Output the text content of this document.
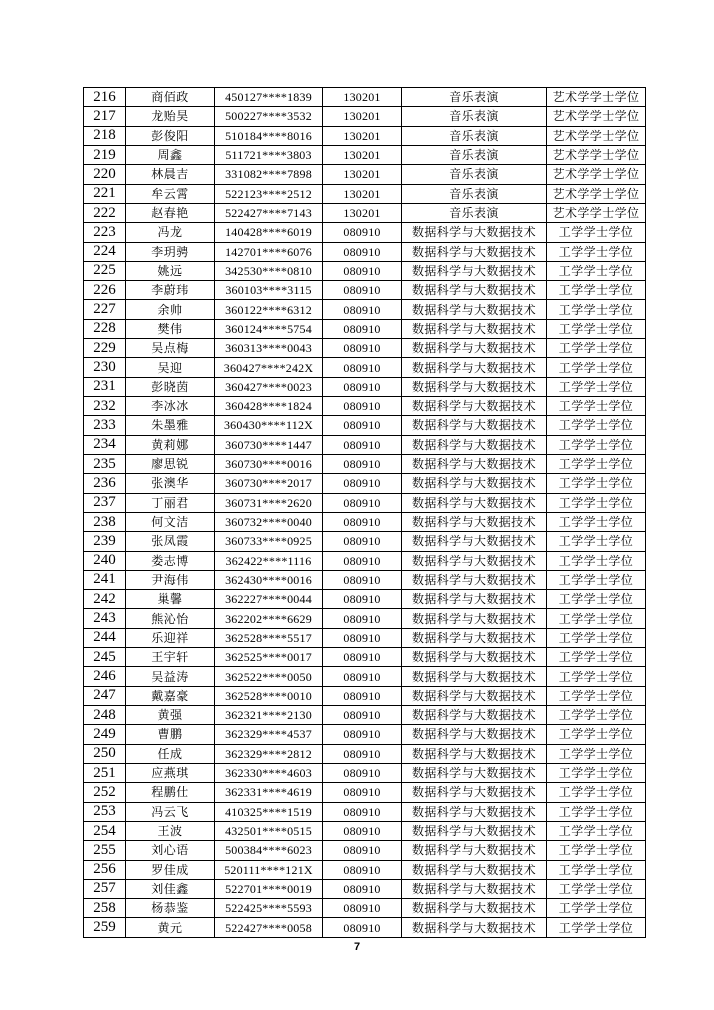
216	商佰政	450127****1839	130201	音乐表演	艺术学学士学位
217	龙贻昊	500227****3532	130201	音乐表演	艺术学学士学位
218	彭俊阳	510184****8016	130201	音乐表演	艺术学学士学位
219	周鑫	511721****3803	130201	音乐表演	艺术学学士学位
220	林晨吉	331082****7898	130201	音乐表演	艺术学学士学位
221	牟云霄	522123****2512	130201	音乐表演	艺术学学士学位
222	赵春艳	522427****7143	130201	音乐表演	艺术学学士学位
223	冯龙	140428****6019	080910	数据科学与大数据技术	工学学士学位
224	李玥骋	142701****6076	080910	数据科学与大数据技术	工学学士学位
225	姚远	342530****0810	080910	数据科学与大数据技术	工学学士学位
226	李蔚玮	360103****3115	080910	数据科学与大数据技术	工学学士学位
227	余帅	360122****6312	080910	数据科学与大数据技术	工学学士学位
228	樊伟	360124****5754	080910	数据科学与大数据技术	工学学士学位
229	吴点梅	360313****0043	080910	数据科学与大数据技术	工学学士学位
230	吴迎	360427****242X	080910	数据科学与大数据技术	工学学士学位
231	彭晓茵	360427****0023	080910	数据科学与大数据技术	工学学士学位
232	李冰冰	360428****1824	080910	数据科学与大数据技术	工学学士学位
233	朱墨雅	360430****112X	080910	数据科学与大数据技术	工学学士学位
234	黄莉娜	360730****1447	080910	数据科学与大数据技术	工学学士学位
235	廖思锐	360730****0016	080910	数据科学与大数据技术	工学学士学位
236	张澳华	360730****2017	080910	数据科学与大数据技术	工学学士学位
237	丁丽君	360731****2620	080910	数据科学与大数据技术	工学学士学位
238	何文洁	360732****0040	080910	数据科学与大数据技术	工学学士学位
239	张凤霞	360733****0925	080910	数据科学与大数据技术	工学学士学位
240	娄志博	362422****1116	080910	数据科学与大数据技术	工学学士学位
241	尹海伟	362430****0016	080910	数据科学与大数据技术	工学学士学位
242	巢馨	362227****0044	080910	数据科学与大数据技术	工学学士学位
243	熊沁怡	362202****6629	080910	数据科学与大数据技术	工学学士学位
244	乐迎祥	362528****5517	080910	数据科学与大数据技术	工学学士学位
245	王宇轩	362525****0017	080910	数据科学与大数据技术	工学学士学位
246	吴益涛	362522****0050	080910	数据科学与大数据技术	工学学士学位
247	戴嘉豪	362528****0010	080910	数据科学与大数据技术	工学学士学位
248	黄强	362321****2130	080910	数据科学与大数据技术	工学学士学位
249	曹鹏	362329****4537	080910	数据科学与大数据技术	工学学士学位
250	任成	362329****2812	080910	数据科学与大数据技术	工学学士学位
251	应燕琪	362330****4603	080910	数据科学与大数据技术	工学学士学位
252	程鹏仕	362331****4619	080910	数据科学与大数据技术	工学学士学位
253	冯云飞	410325****1519	080910	数据科学与大数据技术	工学学士学位
254	王波	432501****0515	080910	数据科学与大数据技术	工学学士学位
255	刘心语	500384****6023	080910	数据科学与大数据技术	工学学士学位
256	罗佳成	520111****121X	080910	数据科学与大数据技术	工学学士学位
257	刘佳鑫	522701****0019	080910	数据科学与大数据技术	工学学士学位
258	杨恭鉴	522425****5593	080910	数据科学与大数据技术	工学学士学位
259	黄元	522427****0058	080910	数据科学与大数据技术	工学学士学位
7
